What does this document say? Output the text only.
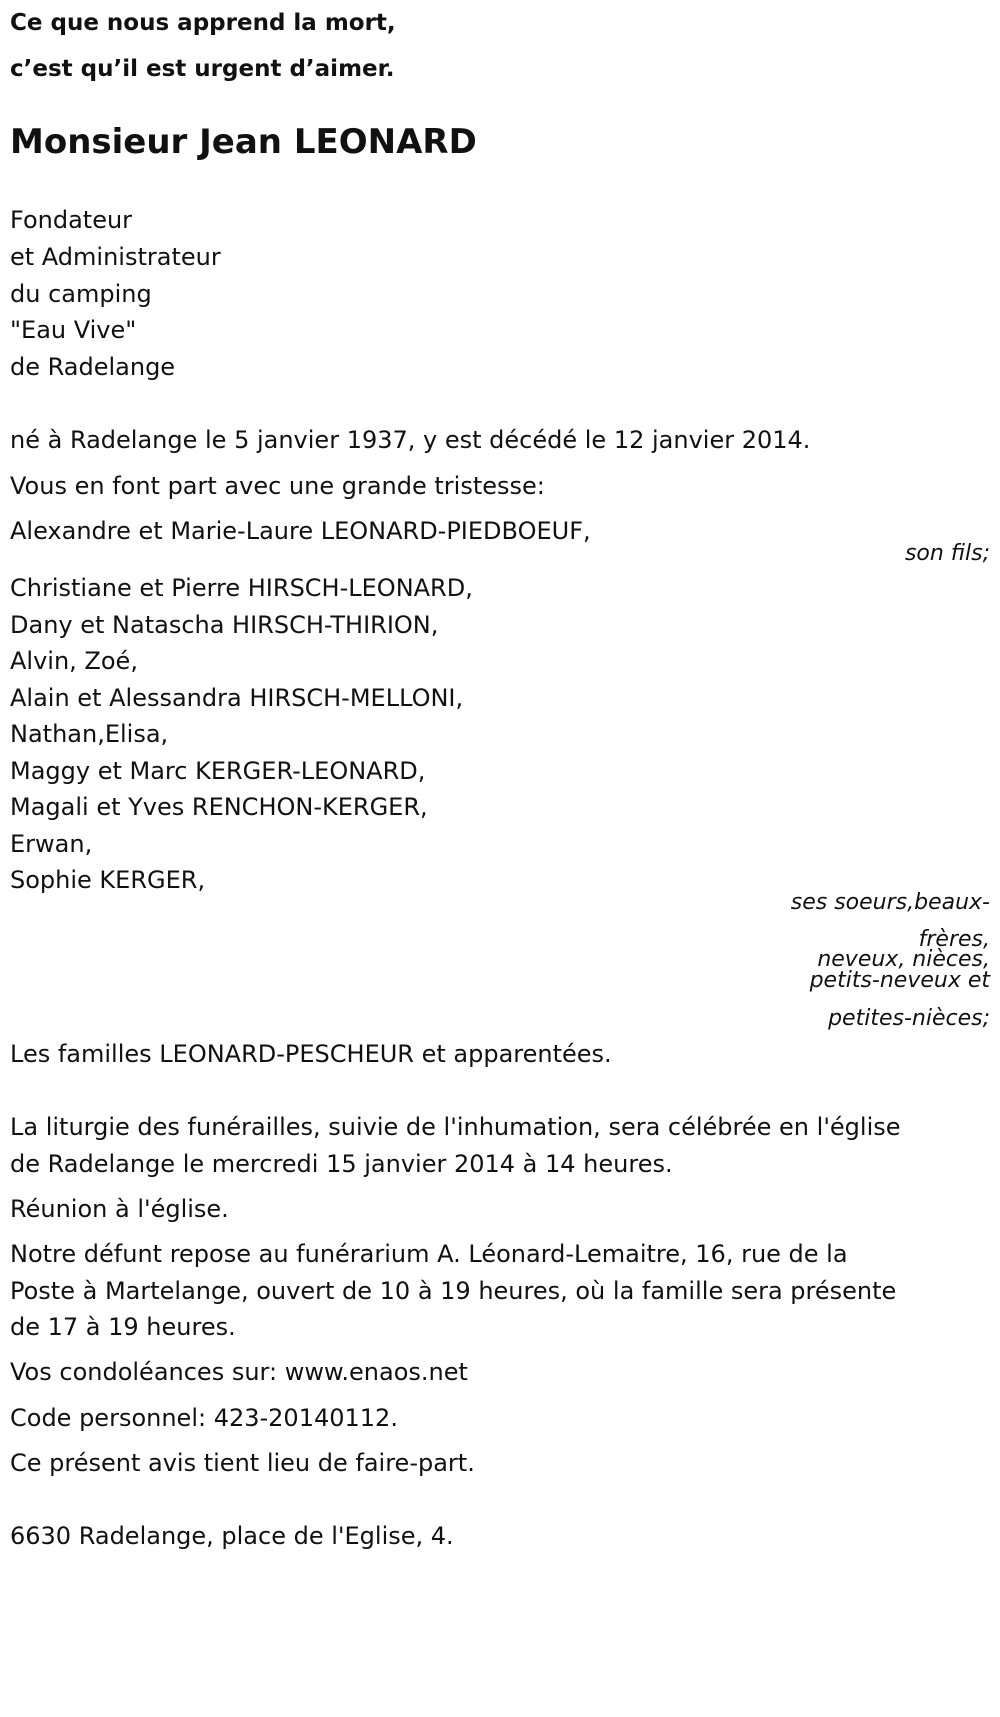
Ce que nous apprend la mort,
c’est qu’il est urgent d’aimer.
Monsieur Jean LEONARD
Fondateur
et Administrateur
du camping
"Eau Vive"
de Radelange
né à Radelange le 5 janvier 1937, y est décédé le 12 janvier 2014.
Vous en font part avec une grande tristesse:
Alexandre et Marie-Laure LEONARD-PIEDBOEUF,
son fils;
Christiane et Pierre HIRSCH-LEONARD,
Dany et Natascha HIRSCH-THIRION,
Alvin, Zoé,
Alain et Alessandra HIRSCH-MELLONI,
Nathan,Elisa,
Maggy et Marc KERGER-LEONARD,
Magali et Yves RENCHON-KERGER,
Erwan,
Sophie KERGER,
ses soeurs,beaux-
frères,
neveux, nièces,
petits-neveux et
petites-nièces;
Les familles LEONARD-PESCHEUR et apparentées.
La liturgie des funérailles, suivie de l'inhumation, sera célébrée en l'église
de Radelange le mercredi 15 janvier 2014 à 14 heures.
Réunion à l'église.
Notre défunt repose au funérarium A. Léonard-Lemaitre, 16, rue de la
Poste à Martelange, ouvert de 10 à 19 heures, où la famille sera présente
de 17 à 19 heures.
Vos condoléances sur: www.enaos.net
Code personnel: 423-20140112.
Ce présent avis tient lieu de faire-part.
6630 Radelange, place de l'Eglise, 4.
